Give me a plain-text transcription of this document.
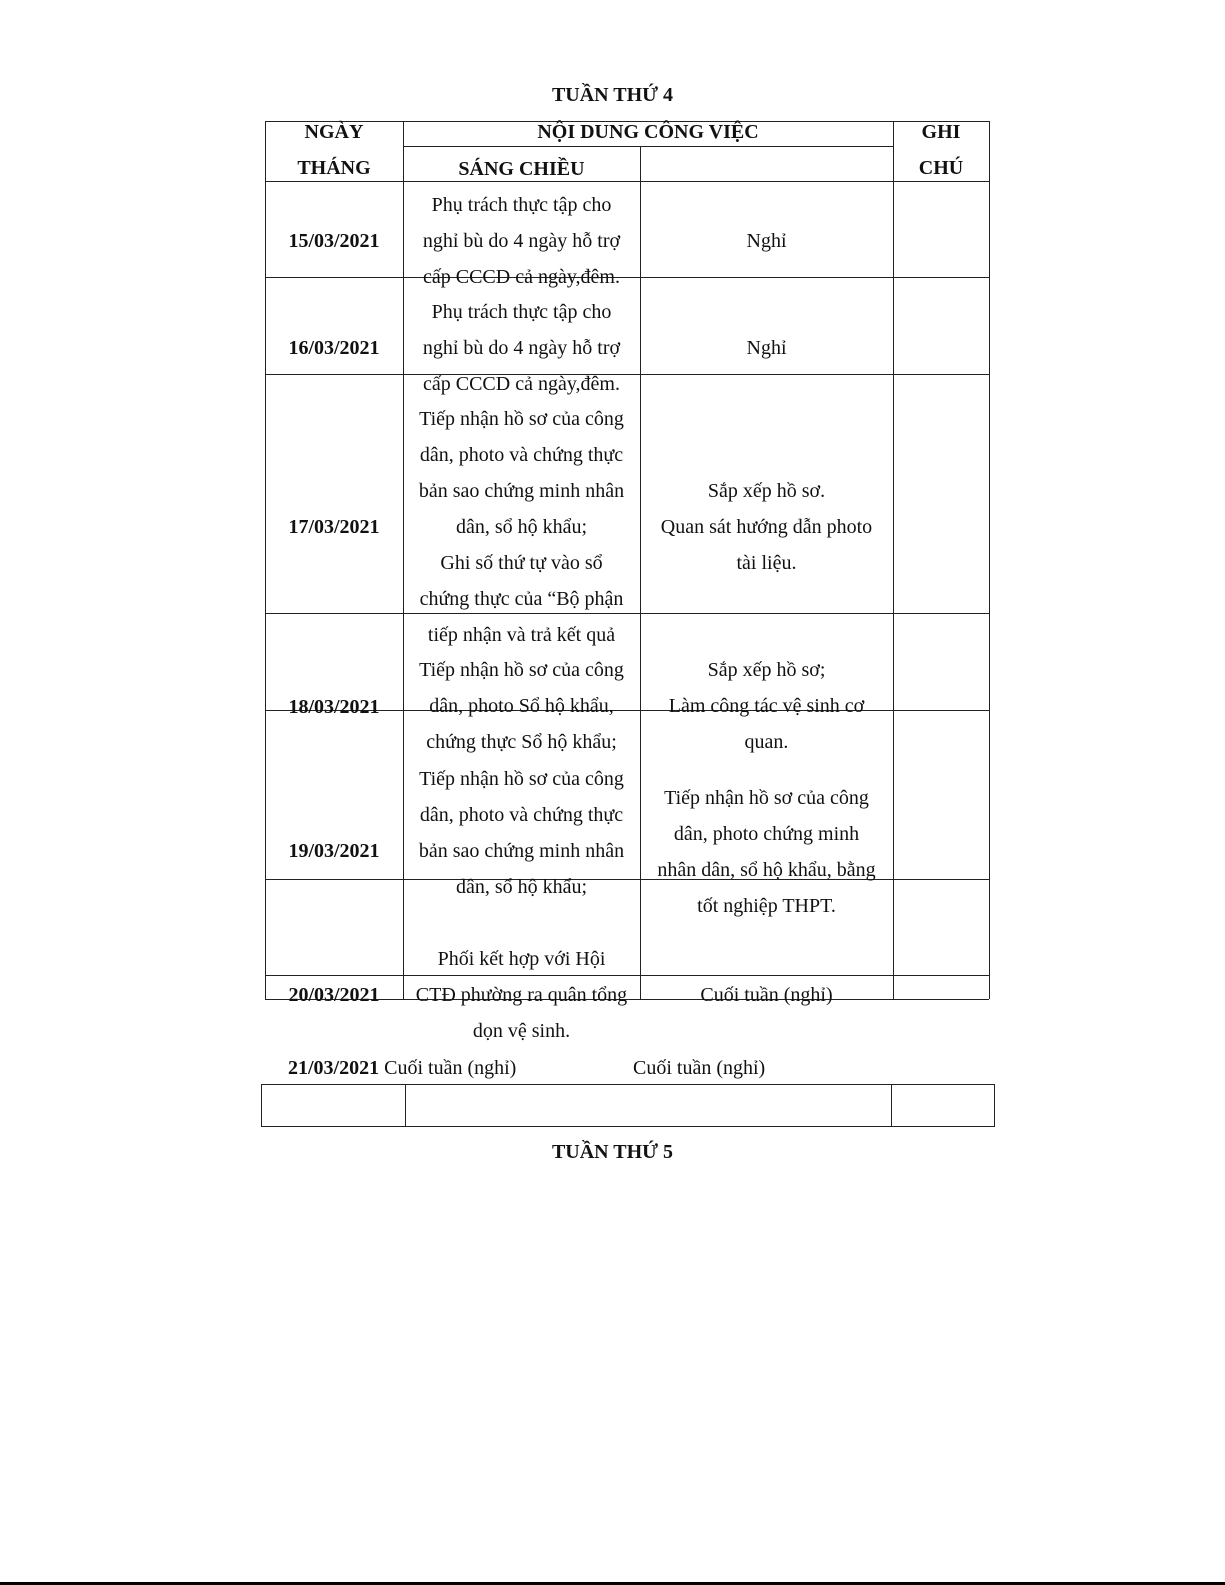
TUẦN THỨ 4
NGÀY
THÁNG
NỘI DUNG CÔNG VIỆC
SÁNG CHIỀU
GHI
CHÚ
15/03/2021
Phụ trách thực tập cho
nghỉ bù do 4 ngày hỗ trợ
cấp CCCD cả ngày,đêm.
Nghỉ
16/03/2021
Phụ trách thực tập cho
nghỉ bù do 4 ngày hỗ trợ
cấp CCCD cả ngày,đêm.
Nghỉ
17/03/2021
Tiếp nhận hồ sơ của công
dân, photo và chứng thực
bản sao chứng minh nhân
dân, sổ hộ khẩu;
Ghi số thứ tự vào sổ
chứng thực của “Bộ phận
tiếp nhận và trả kết quả
Sắp xếp hồ sơ.
Quan sát hướng dẫn photo
tài liệu.
18/03/2021
Tiếp nhận hồ sơ của công
dân, photo Sổ hộ khẩu,
chứng thực Sổ hộ khẩu;
Sắp xếp hồ sơ;
Làm công tác vệ sinh cơ
quan.
19/03/2021
Tiếp nhận hồ sơ của công
dân, photo và chứng thực
bản sao chứng minh nhân
dân, sổ hộ khẩu;
Tiếp nhận hồ sơ của công
dân, photo chứng minh
nhân dân, sổ hộ khẩu, bằng
tốt nghiệp THPT.
20/03/2021
Phối kết hợp với Hội
CTĐ phường ra quân tổng
dọn vệ sinh.
Cuối tuần (nghỉ)
21/03/2021 Cuối tuần (nghỉ)	Cuối tuần (nghỉ)
TUẦN THỨ 5
